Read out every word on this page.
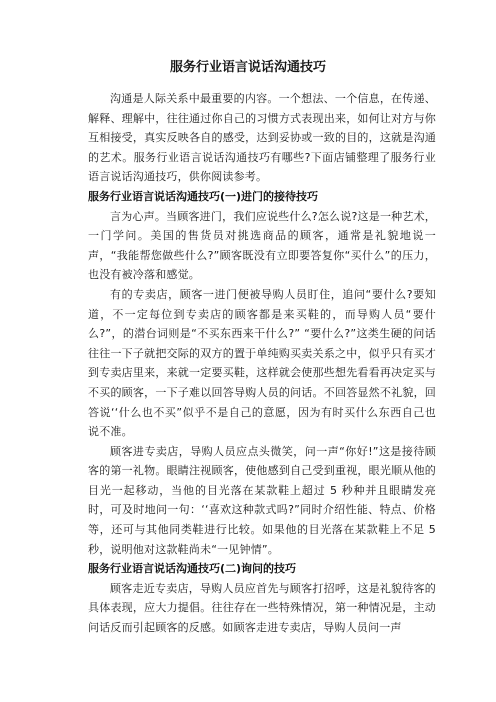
服务行业语言说话沟通技巧

沟通是人际关系中最重要的内容。一个想法、一个信息，在传递、解释、理解中，往往通过你自己的习惯方式表现出来，如何让对方与你互相接受，真实反映各自的感受，达到妥协或一致的目的，这就是沟通的艺术。服务行业语言说话沟通技巧有哪些?下面店铺整理了服务行业语言说话沟通技巧，供你阅读参考。

服务行业语言说话沟通技巧(一)进门的接待技巧

言为心声。当顾客进门，我们应说些什么?怎么说?这是一种艺术，一门学问。美国的售货员对挑选商品的顾客，通常是礼貌地说一声，“我能帮您做些什么?”顾客既没有立即要答复你“买什么”的压力，也没有被冷落和感觉。

有的专卖店，顾客一进门便被导购人员盯住，追问“要什么?要知道，不一定每位到专卖店的顾客都是来买鞋的，而导购人员“要什么?”，的潜台词则是“不买东西来干什么?” “要什么?”这类生硬的问话往往一下子就把交际的双方的置于单纯购买卖关系之中，似乎只有买才到专卖店里来，来就一定要买鞋，这样就会使那些想先看看再决定买与不买的顾客，一下子难以回答导购人员的问话。不回答显然不礼貌，回答说‘‘什么也不买”似乎不是自己的意愿，因为有时买什么东西自己也说不准。

顾客进专卖店，导购人员应点头微笑，问一声“你好!”这是接待顾客的第一礼物。眼睛注视顾客，使他感到自己受到重视，眼光顺从他的目光一起移动，当他的目光落在某款鞋上超过 5 秒种并且眼睛发亮时，可及时地问一句：‘‘喜欢这种款式吗?”同时介绍性能、特点、价格等，还可与其他同类鞋进行比较。如果他的目光落在某款鞋上不足 5 秒，说明他对这款鞋尚未“一见钟情”。

服务行业语言说话沟通技巧(二)询问的技巧

顾客走近专卖店，导购人员应首先与顾客打招呼，这是礼貌待客的具体表现，应大力提倡。往往存在一些特殊情况，第一种情况是，主动问话反而引起顾客的反感。如顾客走进专卖店，导购人员问一声
